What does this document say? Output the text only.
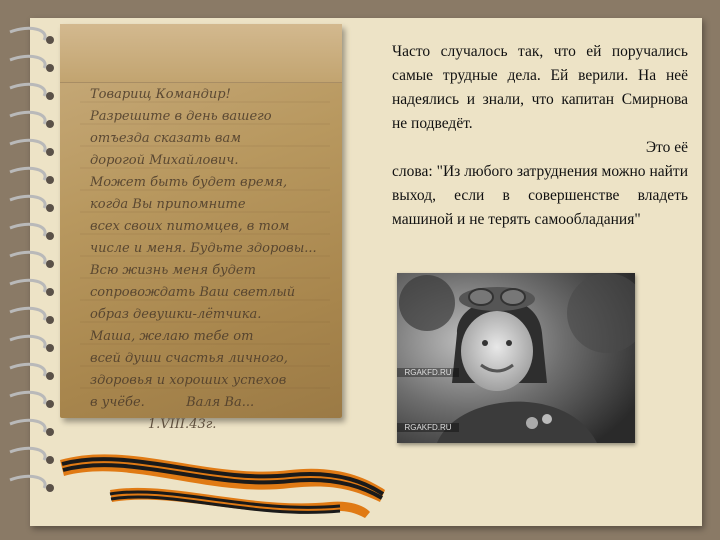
Товарищ Командир!
Разрешите в день вашего
отъезда сказать вам
дорогой Михайлович.
Может быть будет время,
когда Вы припомните
всех своих питомцев, в том
числе и меня. Будьте здоровы...
Всю жизнь меня будет
сопровождать Ваш светлый
образ девушки-лётчика.
Маша, желаю тебе от
всей души счастья личного,
здоровья и хороших успехов
в учёбе.          Валя Ва...
1.VIII.43г.

Часто случалось так, что ей поручались самые трудные дела. Ей верили. На неё надеялись и знали, что капитан Смирнова не подведёт.

Это её

слова: "Из любого затруднения можно найти выход, если в совершенстве владеть машиной и не терять самообладания"

RGAKFD.RU
RGAKFD.RU
